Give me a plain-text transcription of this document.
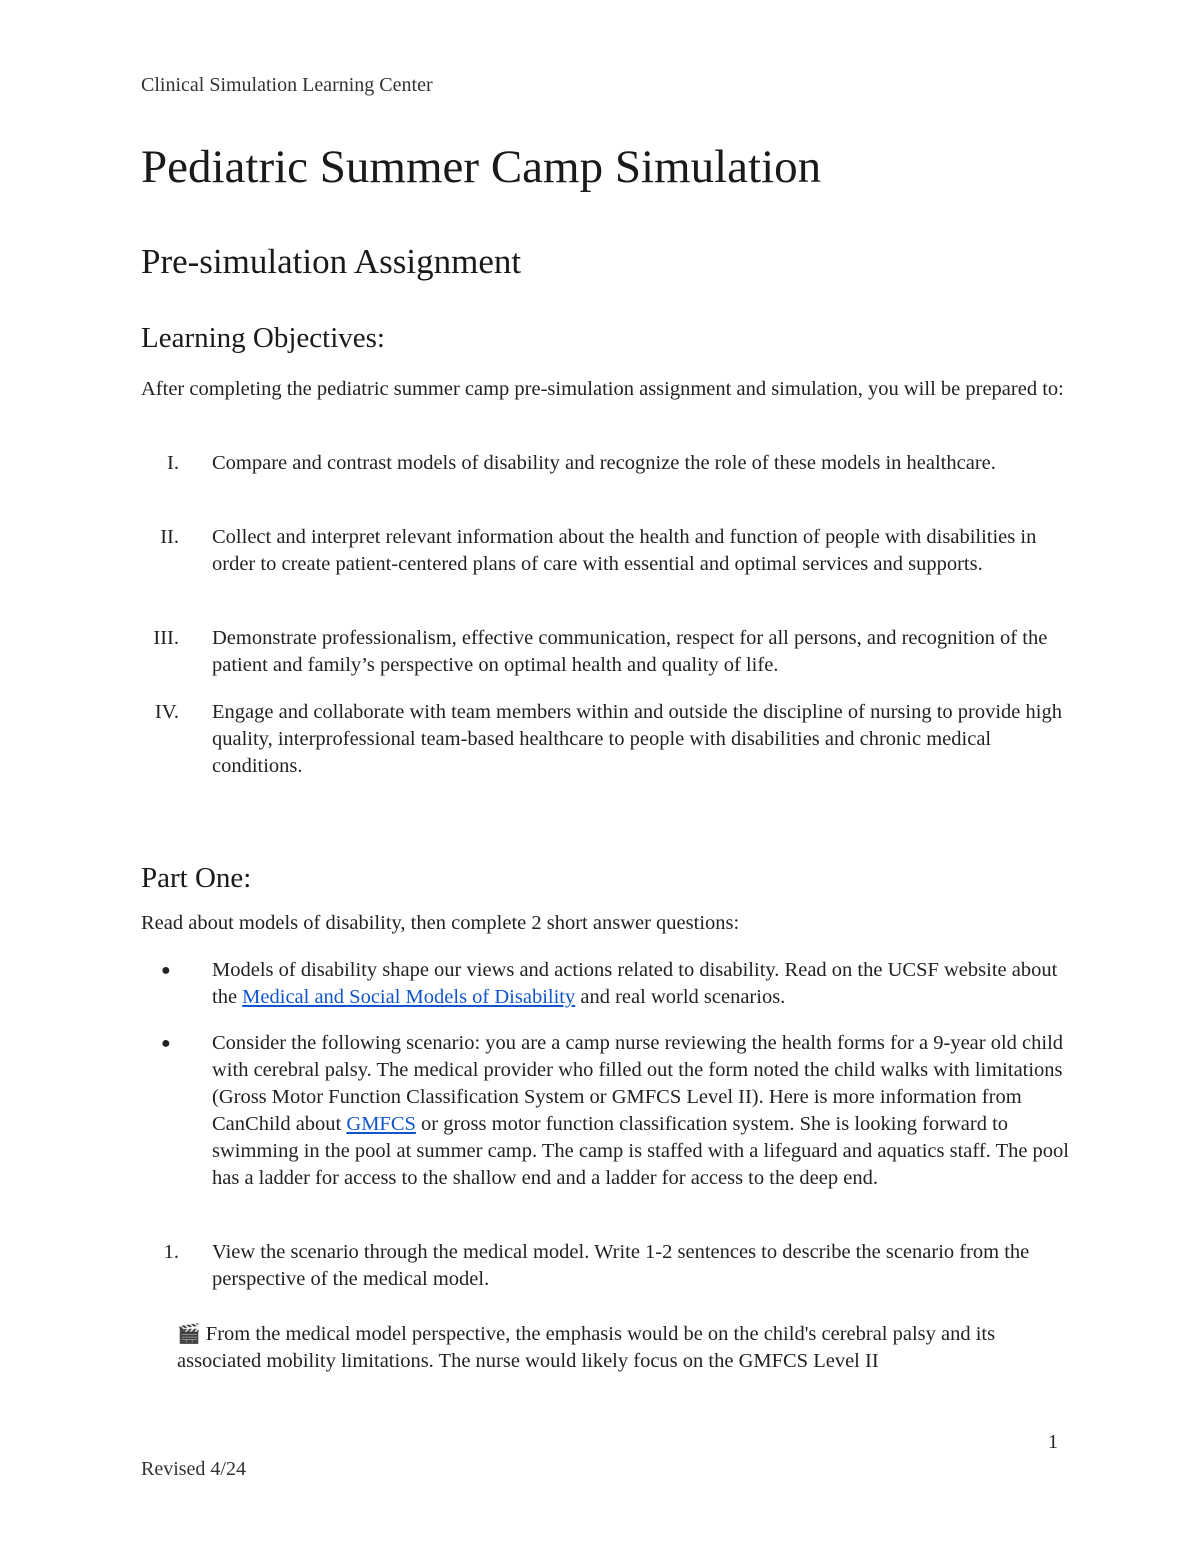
Clinical Simulation Learning Center
Pediatric Summer Camp Simulation
Pre-simulation Assignment
Learning Objectives:
After completing the pediatric summer camp pre-simulation assignment and simulation, you will be prepared to:
I. Compare and contrast models of disability and recognize the role of these models in healthcare.
II. Collect and interpret relevant information about the health and function of people with disabilities in order to create patient-centered plans of care with essential and optimal services and supports.
III. Demonstrate professionalism, effective communication, respect for all persons, and recognition of the patient and family’s perspective on optimal health and quality of life.
IV. Engage and collaborate with team members within and outside the discipline of nursing to provide high quality, interprofessional team-based healthcare to people with disabilities and chronic medical conditions.
Part One:
Read about models of disability, then complete 2 short answer questions:
●	Models of disability shape our views and actions related to disability. Read on the UCSF website about the Medical and Social Models of Disability and real world scenarios.
●	Consider the following scenario: you are a camp nurse reviewing the health forms for a 9-year old child with cerebral palsy. The medical provider who filled out the form noted the child walks with limitations (Gross Motor Function Classification System or GMFCS Level II). Here is more information from CanChild about GMFCS or gross motor function classification system. She is looking forward to swimming in the pool at summer camp. The camp is staffed with a lifeguard and aquatics staff. The pool has a ladder for access to the shallow end and a ladder for access to the deep end.
1. View the scenario through the medical model. Write 1-2 sentences to describe the scenario from the perspective of the medical model.
🎬 From the medical model perspective, the emphasis would be on the child's cerebral palsy and its associated mobility limitations. The nurse would likely focus on the GMFCS Level II
1
Revised 4/24
